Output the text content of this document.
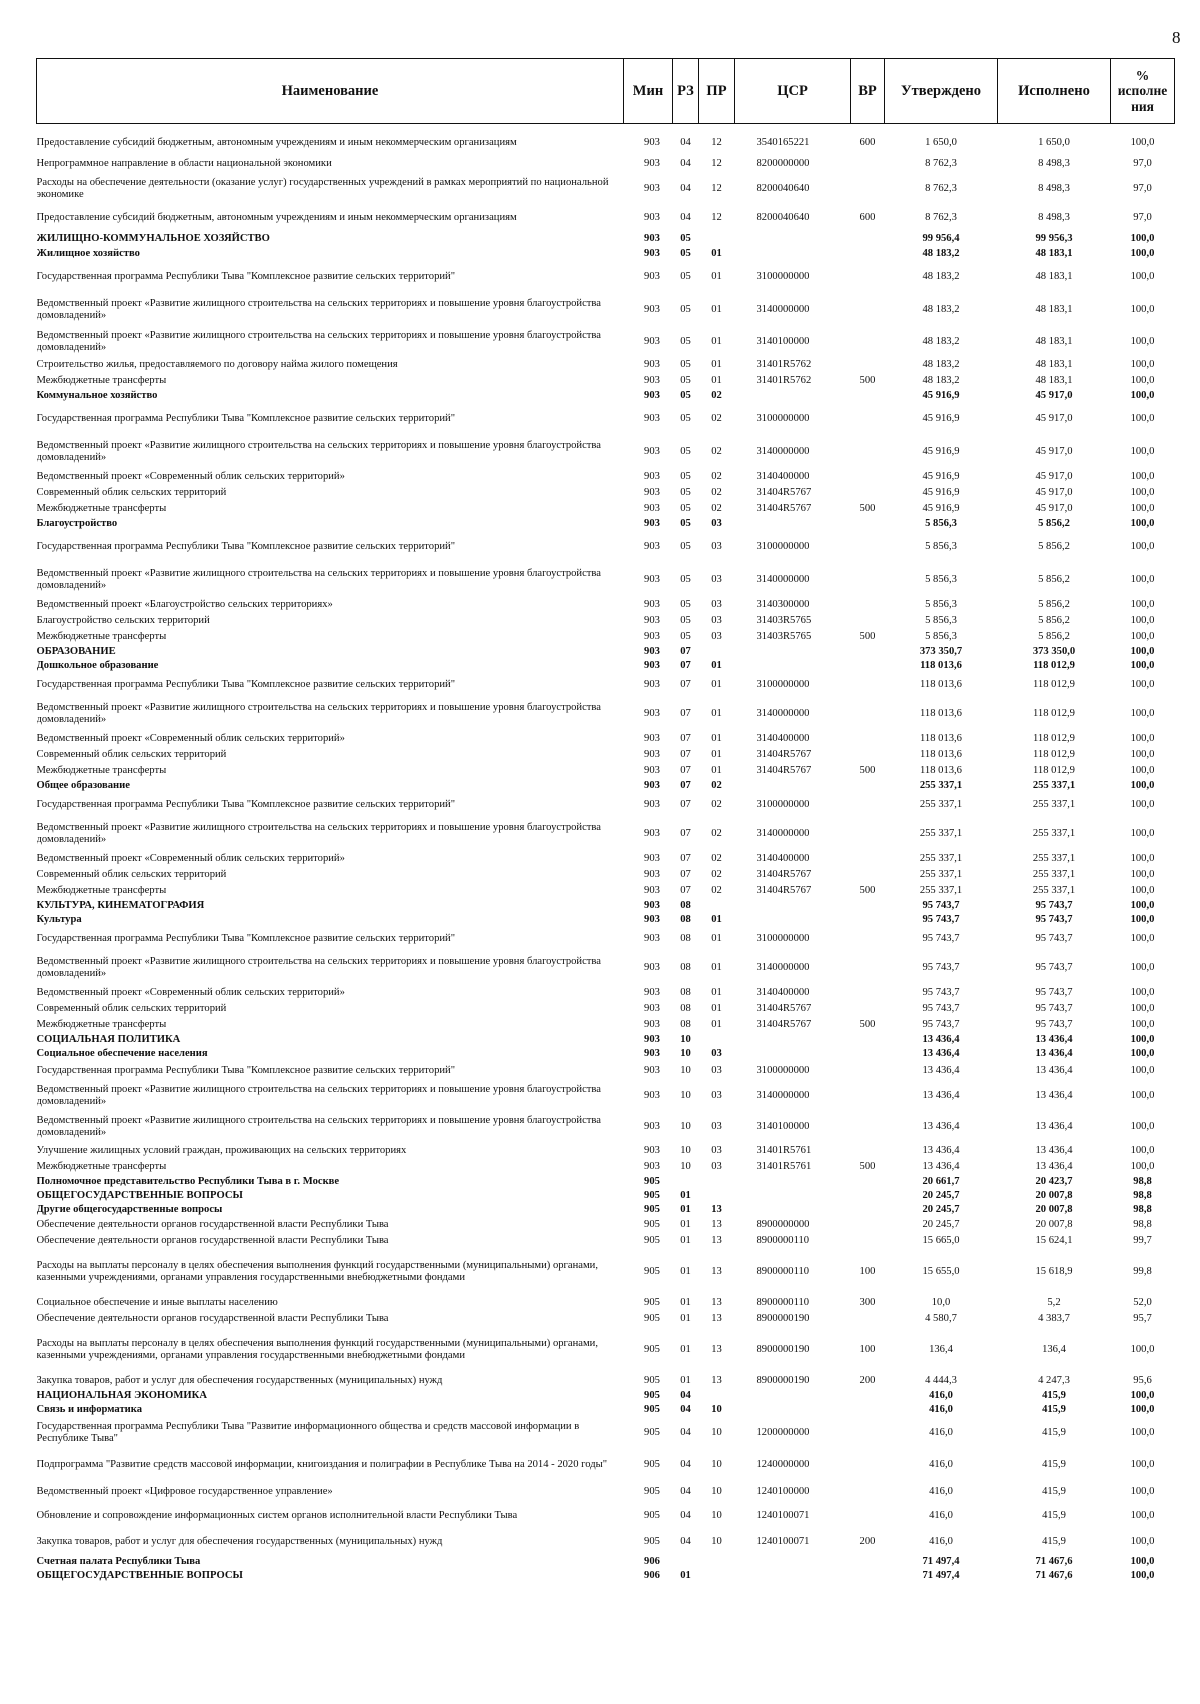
8
Наименование	Мин	РЗ	ПР	ЦСР	ВР	Утверждено	Исполнено	% исполне ния

Предоставление субсидий бюджетным, автономным учреждениям и иным некоммерческим организациям	903	04	12	3540165221	600	1 650,0	1 650,0	100,0
Непрограммное направление в области национальной экономики	903	04	12	8200000000		8 762,3	8 498,3	97,0
Расходы на обеспечение деятельности (оказание услуг) государственных учреждений в рамках мероприятий по национальной экономике	903	04	12	8200040640		8 762,3	8 498,3	97,0
Предоставление субсидий бюджетным, автономным учреждениям и иным некоммерческим организациям	903	04	12	8200040640	600	8 762,3	8 498,3	97,0
ЖИЛИЩНО-КОММУНАЛЬНОЕ ХОЗЯЙСТВО	903	05				99 956,4	99 956,3	100,0
Жилищное хозяйство	903	05	01			48 183,2	48 183,1	100,0
Государственная программа Республики Тыва "Комплексное развитие сельских территорий"	903	05	01	3100000000		48 183,2	48 183,1	100,0
Ведомственный проект «Развитие жилищного строительства на сельских территориях и повышение уровня благоустройства домовладений»	903	05	01	3140000000		48 183,2	48 183,1	100,0
Ведомственный проект «Развитие жилищного строительства на сельских территориях и повышение уровня благоустройства домовладений»	903	05	01	3140100000		48 183,2	48 183,1	100,0
Строительство жилья, предоставляемого по договору найма жилого помещения	903	05	01	31401R5762		48 183,2	48 183,1	100,0
Межбюджетные трансферты	903	05	01	31401R5762	500	48 183,2	48 183,1	100,0
Коммунальное хозяйство	903	05	02			45 916,9	45 917,0	100,0
Государственная программа Республики Тыва "Комплексное развитие сельских территорий"	903	05	02	3100000000		45 916,9	45 917,0	100,0
Ведомственный проект «Развитие жилищного строительства на сельских территориях и повышение уровня благоустройства домовладений»	903	05	02	3140000000		45 916,9	45 917,0	100,0
Ведомственный проект «Современный облик сельских территорий»	903	05	02	3140400000		45 916,9	45 917,0	100,0
Современный облик сельских территорий	903	05	02	31404R5767		45 916,9	45 917,0	100,0
Межбюджетные трансферты	903	05	02	31404R5767	500	45 916,9	45 917,0	100,0
Благоустройство	903	05	03			5 856,3	5 856,2	100,0
Государственная программа Республики Тыва "Комплексное развитие сельских территорий"	903	05	03	3100000000		5 856,3	5 856,2	100,0
Ведомственный проект «Развитие жилищного строительства на сельских территориях и повышение уровня благоустройства домовладений»	903	05	03	3140000000		5 856,3	5 856,2	100,0
Ведомственный проект «Благоустройство сельских территориях»	903	05	03	3140300000		5 856,3	5 856,2	100,0
Благоустройство сельских территорий	903	05	03	31403R5765		5 856,3	5 856,2	100,0
Межбюджетные трансферты	903	05	03	31403R5765	500	5 856,3	5 856,2	100,0
ОБРАЗОВАНИЕ	903	07				373 350,7	373 350,0	100,0
Дошкольное образование	903	07	01			118 013,6	118 012,9	100,0
Государственная программа Республики Тыва "Комплексное развитие сельских территорий"	903	07	01	3100000000		118 013,6	118 012,9	100,0
Ведомственный проект «Развитие жилищного строительства на сельских территориях и повышение уровня благоустройства домовладений»	903	07	01	3140000000		118 013,6	118 012,9	100,0
Ведомственный проект «Современный облик сельских территорий»	903	07	01	3140400000		118 013,6	118 012,9	100,0
Современный облик сельских территорий	903	07	01	31404R5767		118 013,6	118 012,9	100,0
Межбюджетные трансферты	903	07	01	31404R5767	500	118 013,6	118 012,9	100,0
Общее образование	903	07	02			255 337,1	255 337,1	100,0
Государственная программа Республики Тыва "Комплексное развитие сельских территорий"	903	07	02	3100000000		255 337,1	255 337,1	100,0
Ведомственный проект «Развитие жилищного строительства на сельских территориях и повышение уровня благоустройства домовладений»	903	07	02	3140000000		255 337,1	255 337,1	100,0
Ведомственный проект «Современный облик сельских территорий»	903	07	02	3140400000		255 337,1	255 337,1	100,0
Современный облик сельских территорий	903	07	02	31404R5767		255 337,1	255 337,1	100,0
Межбюджетные трансферты	903	07	02	31404R5767	500	255 337,1	255 337,1	100,0
КУЛЬТУРА, КИНЕМАТОГРАФИЯ	903	08				95 743,7	95 743,7	100,0
Культура	903	08	01			95 743,7	95 743,7	100,0
Государственная программа Республики Тыва "Комплексное развитие сельских территорий"	903	08	01	3100000000		95 743,7	95 743,7	100,0
Ведомственный проект «Развитие жилищного строительства на сельских территориях и повышение уровня благоустройства домовладений»	903	08	01	3140000000		95 743,7	95 743,7	100,0
Ведомственный проект «Современный облик сельских территорий»	903	08	01	3140400000		95 743,7	95 743,7	100,0
Современный облик сельских территорий	903	08	01	31404R5767		95 743,7	95 743,7	100,0
Межбюджетные трансферты	903	08	01	31404R5767	500	95 743,7	95 743,7	100,0
СОЦИАЛЬНАЯ ПОЛИТИКА	903	10				13 436,4	13 436,4	100,0
Социальное обеспечение населения	903	10	03			13 436,4	13 436,4	100,0
Государственная программа Республики Тыва "Комплексное развитие сельских территорий"	903	10	03	3100000000		13 436,4	13 436,4	100,0
Ведомственный проект «Развитие жилищного строительства на сельских территориях и повышение уровня благоустройства домовладений»	903	10	03	3140000000		13 436,4	13 436,4	100,0
Ведомственный проект «Развитие жилищного строительства на сельских территориях и повышение уровня благоустройства домовладений»	903	10	03	3140100000		13 436,4	13 436,4	100,0
Улучшение жилищных условий граждан, проживающих на сельских территориях	903	10	03	31401R5761		13 436,4	13 436,4	100,0
Межбюджетные трансферты	903	10	03	31401R5761	500	13 436,4	13 436,4	100,0
Полномочное представительство Республики Тыва в г. Москве	905					20 661,7	20 423,7	98,8
ОБЩЕГОСУДАРСТВЕННЫЕ ВОПРОСЫ	905	01				20 245,7	20 007,8	98,8
Другие общегосударственные вопросы	905	01	13			20 245,7	20 007,8	98,8
Обеспечение деятельности органов государственной власти Республики Тыва	905	01	13	8900000000		20 245,7	20 007,8	98,8
Обеспечение деятельности органов государственной власти Республики Тыва	905	01	13	8900000110		15 665,0	15 624,1	99,7
Расходы на выплаты персоналу в целях обеспечения выполнения функций государственными (муниципальными) органами, казенными учреждениями, органами управления государственными внебюджетными фондами	905	01	13	8900000110	100	15 655,0	15 618,9	99,8
Социальное обеспечение и иные выплаты населению	905	01	13	8900000110	300	10,0	5,2	52,0
Обеспечение деятельности органов государственной власти Республики Тыва	905	01	13	8900000190		4 580,7	4 383,7	95,7
Расходы на выплаты персоналу в целях обеспечения выполнения функций государственными (муниципальными) органами, казенными учреждениями, органами управления государственными внебюджетными фондами	905	01	13	8900000190	100	136,4	136,4	100,0
Закупка товаров, работ и услуг для обеспечения государственных (муниципальных) нужд	905	01	13	8900000190	200	4 444,3	4 247,3	95,6
НАЦИОНАЛЬНАЯ ЭКОНОМИКА	905	04				416,0	415,9	100,0
Связь и информатика	905	04	10			416,0	415,9	100,0
Государственная программа Республики Тыва "Развитие информационного общества и средств массовой информации в Республике Тыва"	905	04	10	1200000000		416,0	415,9	100,0
Подпрограмма "Развитие средств массовой информации, книгоиздания и полиграфии в Республике Тыва на 2014 - 2020 годы"	905	04	10	1240000000		416,0	415,9	100,0
Ведомственный проект «Цифровое государственное управление»	905	04	10	1240100000		416,0	415,9	100,0
Обновление и сопровождение информационных систем органов исполнительной власти Республики Тыва	905	04	10	1240100071		416,0	415,9	100,0
Закупка товаров, работ и услуг для обеспечения государственных (муниципальных) нужд	905	04	10	1240100071	200	416,0	415,9	100,0
Счетная палата Республики Тыва	906					71 497,4	71 467,6	100,0
ОБЩЕГОСУДАРСТВЕННЫЕ ВОПРОСЫ	906	01				71 497,4	71 467,6	100,0
